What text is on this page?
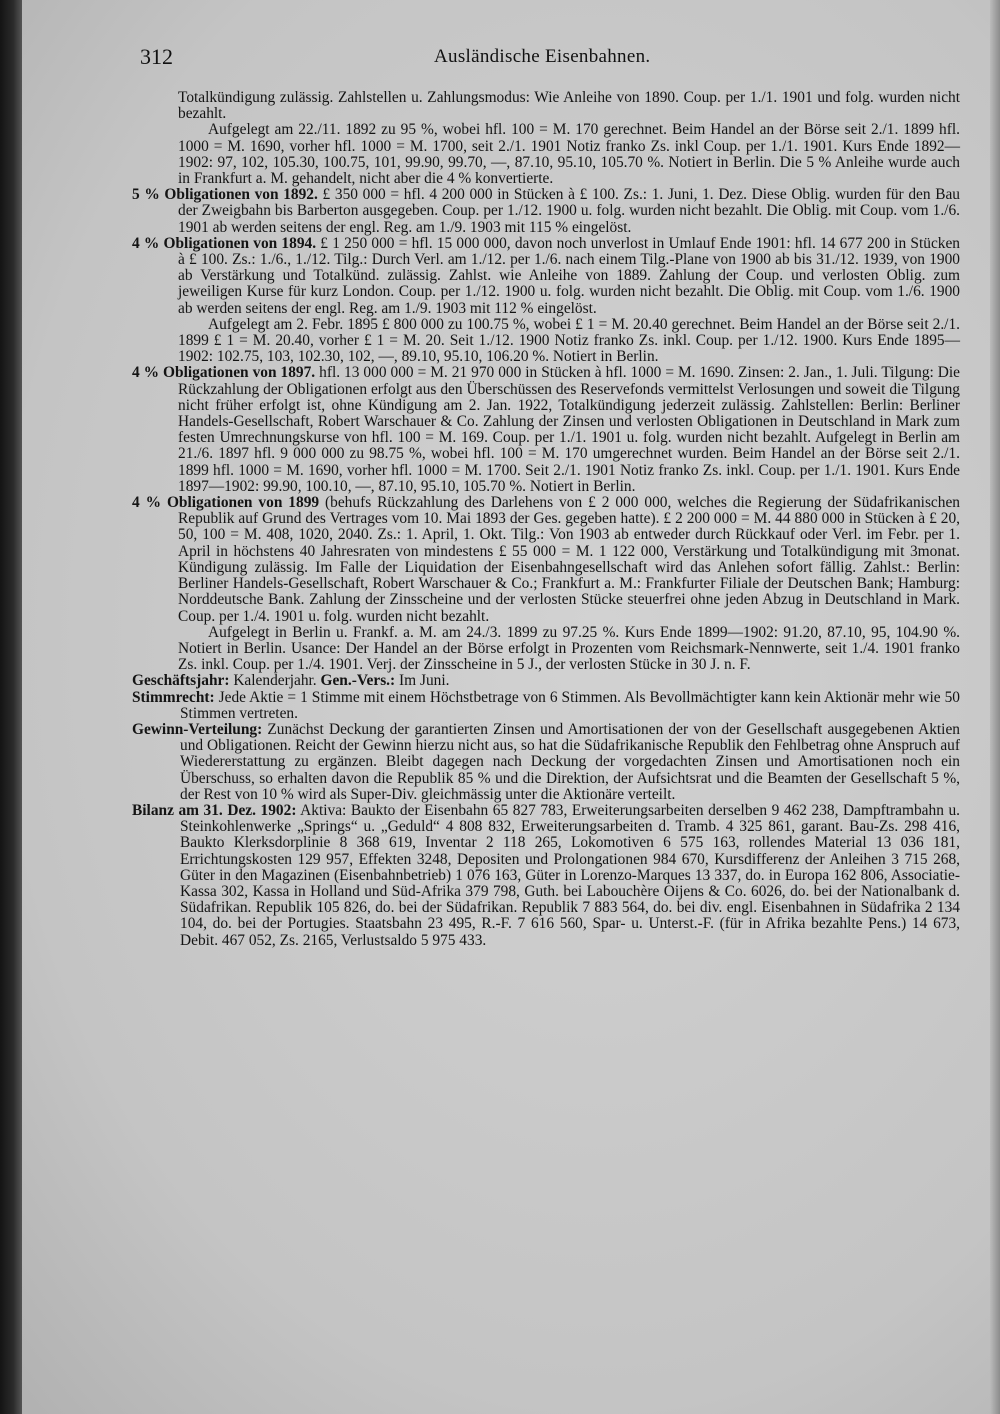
312	Ausländische Eisenbahnen.

Totalkündigung zulässig. Zahlstellen u. Zahlungsmodus: Wie Anleihe von 1890. Coup. per 1./1. 1901 und folg. wurden nicht bezahlt.

Aufgelegt am 22./11. 1892 zu 95 %, wobei hfl. 100 = M. 170 gerechnet. Beim Handel an der Börse seit 2./1. 1899 hfl. 1000 = M. 1690, vorher hfl. 1000 = M. 1700, seit 2./1. 1901 Notiz franko Zs. inkl Coup. per 1./1. 1901. Kurs Ende 1892—1902: 97, 102, 105.30, 100.75, 101, 99.90, 99.70, —, 87.10, 95.10, 105.70 %. Notiert in Berlin. Die 5 % Anleihe wurde auch in Frankfurt a. M. gehandelt, nicht aber die 4 % konvertierte.

5 % Obligationen von 1892. £ 350 000 = hfl. 4 200 000 in Stücken à £ 100. Zs.: 1. Juni, 1. Dez. Diese Oblig. wurden für den Bau der Zweigbahn bis Barberton ausgegeben. Coup. per 1./12. 1900 u. folg. wurden nicht bezahlt. Die Oblig. mit Coup. vom 1./6. 1901 ab werden seitens der engl. Reg. am 1./9. 1903 mit 115 % eingelöst.

4 % Obligationen von 1894. £ 1 250 000 = hfl. 15 000 000, davon noch unverlost in Umlauf Ende 1901: hfl. 14 677 200 in Stücken à £ 100. Zs.: 1./6., 1./12. Tilg.: Durch Verl. am 1./12. per 1./6. nach einem Tilg.-Plane von 1900 ab bis 31./12. 1939, von 1900 ab Verstärkung und Totalkünd. zulässig. Zahlst. wie Anleihe von 1889. Zahlung der Coup. und verlosten Oblig. zum jeweiligen Kurse für kurz London. Coup. per 1./12. 1900 u. folg. wurden nicht bezahlt. Die Oblig. mit Coup. vom 1./6. 1900 ab werden seitens der engl. Reg. am 1./9. 1903 mit 112 % eingelöst.

Aufgelegt am 2. Febr. 1895 £ 800 000 zu 100.75 %, wobei £ 1 = M. 20.40 gerechnet. Beim Handel an der Börse seit 2./1. 1899 £ 1 = M. 20.40, vorher £ 1 = M. 20. Seit 1./12. 1900 Notiz franko Zs. inkl. Coup. per 1./12. 1900. Kurs Ende 1895—1902: 102.75, 103, 102.30, 102, —, 89.10, 95.10, 106.20 %. Notiert in Berlin.

4 % Obligationen von 1897. hfl. 13 000 000 = M. 21 970 000 in Stücken à hfl. 1000 = M. 1690. Zinsen: 2. Jan., 1. Juli. Tilgung: Die Rückzahlung der Obligationen erfolgt aus den Überschüssen des Reservefonds vermittelst Verlosungen und soweit die Tilgung nicht früher erfolgt ist, ohne Kündigung am 2. Jan. 1922, Totalkündigung jederzeit zulässig. Zahlstellen: Berlin: Berliner Handels-Gesellschaft, Robert Warschauer & Co. Zahlung der Zinsen und verlosten Obligationen in Deutschland in Mark zum festen Umrechnungskurse von hfl. 100 = M. 169. Coup. per 1./1. 1901 u. folg. wurden nicht bezahlt. Aufgelegt in Berlin am 21./6. 1897 hfl. 9 000 000 zu 98.75 %, wobei hfl. 100 = M. 170 umgerechnet wurden. Beim Handel an der Börse seit 2./1. 1899 hfl. 1000 = M. 1690, vorher hfl. 1000 = M. 1700. Seit 2./1. 1901 Notiz franko Zs. inkl. Coup. per 1./1. 1901. Kurs Ende 1897—1902: 99.90, 100.10, —, 87.10, 95.10, 105.70 %. Notiert in Berlin.

4 % Obligationen von 1899 (behufs Rückzahlung des Darlehens von £ 2 000 000, welches die Regierung der Südafrikanischen Republik auf Grund des Vertrages vom 10. Mai 1893 der Ges. gegeben hatte). £ 2 200 000 = M. 44 880 000 in Stücken à £ 20, 50, 100 = M. 408, 1020, 2040. Zs.: 1. April, 1. Okt. Tilg.: Von 1903 ab entweder durch Rückkauf oder Verl. im Febr. per 1. April in höchstens 40 Jahresraten von mindestens £ 55 000 = M. 1 122 000, Verstärkung und Totalkündigung mit 3monat. Kündigung zulässig. Im Falle der Liquidation der Eisenbahngesellschaft wird das Anlehen sofort fällig. Zahlst.: Berlin: Berliner Handels-Gesellschaft, Robert Warschauer & Co.; Frankfurt a. M.: Frankfurter Filiale der Deutschen Bank; Hamburg: Norddeutsche Bank. Zahlung der Zinsscheine und der verlosten Stücke steuerfrei ohne jeden Abzug in Deutschland in Mark. Coup. per 1./4. 1901 u. folg. wurden nicht bezahlt.

Aufgelegt in Berlin u. Frankf. a. M. am 24./3. 1899 zu 97.25 %. Kurs Ende 1899—1902: 91.20, 87.10, 95, 104.90 %. Notiert in Berlin. Usance: Der Handel an der Börse erfolgt in Prozenten vom Reichsmark-Nennwerte, seit 1./4. 1901 franko Zs. inkl. Coup. per 1./4. 1901. Verj. der Zinsscheine in 5 J., der verlosten Stücke in 30 J. n. F.

Geschäftsjahr: Kalenderjahr. Gen.-Vers.: Im Juni.

Stimmrecht: Jede Aktie = 1 Stimme mit einem Höchstbetrage von 6 Stimmen. Als Bevollmächtigter kann kein Aktionär mehr wie 50 Stimmen vertreten.

Gewinn-Verteilung: Zunächst Deckung der garantierten Zinsen und Amortisationen der von der Gesellschaft ausgegebenen Aktien und Obligationen. Reicht der Gewinn hierzu nicht aus, so hat die Südafrikanische Republik den Fehlbetrag ohne Anspruch auf Wiedererstattung zu ergänzen. Bleibt dagegen nach Deckung der vorgedachten Zinsen und Amortisationen noch ein Überschuss, so erhalten davon die Republik 85 % und die Direktion, der Aufsichtsrat und die Beamten der Gesellschaft 5 %, der Rest von 10 % wird als Super-Div. gleichmässig unter die Aktionäre verteilt.

Bilanz am 31. Dez. 1902: Aktiva: Baukto der Eisenbahn 65 827 783, Erweiterungsarbeiten derselben 9 462 238, Dampftrambahn u. Steinkohlenwerke „Springs“ u. „Geduld“ 4 808 832, Erweiterungsarbeiten d. Tramb. 4 325 861, garant. Bau-Zs. 298 416, Baukto Klerksdorplinie 8 368 619, Inventar 2 118 265, Lokomotiven 6 575 163, rollendes Material 13 036 181, Errichtungskosten 129 957, Effekten 3248, Depositen und Prolongationen 984 670, Kursdifferenz der Anleihen 3 715 268, Güter in den Magazinen (Eisenbahnbetrieb) 1 076 163, Güter in Lorenzo-Marques 13 337, do. in Europa 162 806, Associatie-Kassa 302, Kassa in Holland und Süd-Afrika 379 798, Guth. bei Labouchère Oijens & Co. 6026, do. bei der Nationalbank d. Südafrikan. Republik 105 826, do. bei der Südafrikan. Republik 7 883 564, do. bei div. engl. Eisenbahnen in Südafrika 2 134 104, do. bei der Portugies. Staatsbahn 23 495, R.-F. 7 616 560, Spar- u. Unterst.-F. (für in Afrika bezahlte Pens.) 14 673, Debit. 467 052, Zs. 2165, Verlustsaldo 5 975 433.
